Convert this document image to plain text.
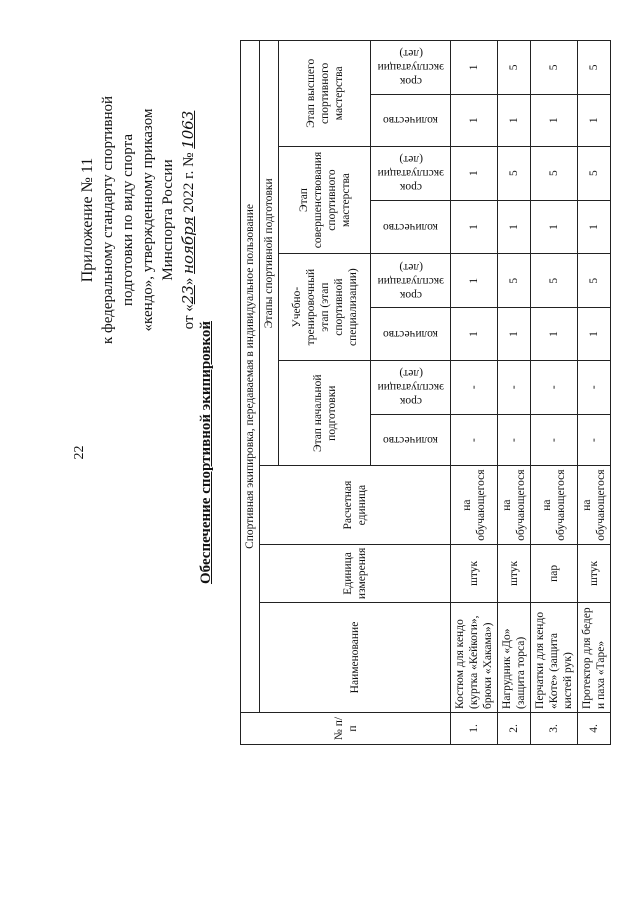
22
Приложение № 11 к федеральному стандарту спортивной подготовки по виду спорта «кендо», утвержденному приказом Минспорта России
от «23» ноября 2022 г. № 1063
Обеспечение спортивной экипировкой
№ п/п	Спортивная экипировка, передаваемая в индивидуальное пользование										
	Наименование	Единица измерения	Расчетная единица	Этапы спортивной подготовки							
				Этап начальной подготовки		Учебно-тренировочный этап (этап спортивной специализации)		Этап совершенствования спортивного мастерства		Этап высшего спортивного мастерства	

				количество	срок эксплуатации (лет)	количество	срок эксплуатации (лет)	количество	срок эксплуатации (лет)	количество	срок эксплуатации (лет)

1.	Костюм для кендо (куртка «Кейкоги», брюки «Хакама»)	штук	на обучающегося	-	-	1	1	1	1	1	1
2.	Нагрудник «До» (защита торса)	штук	на обучающегося	-	-	1	5	1	5	1	5
3.	Перчатки для кендо «Коте» (защита кистей рук)	пар	на обучающегося	-	-	1	5	1	5	1	5
4.	Протектор для бедер и паха «Таре»	штук	на обучающегося	-	-	1	5	1	5	1	5
